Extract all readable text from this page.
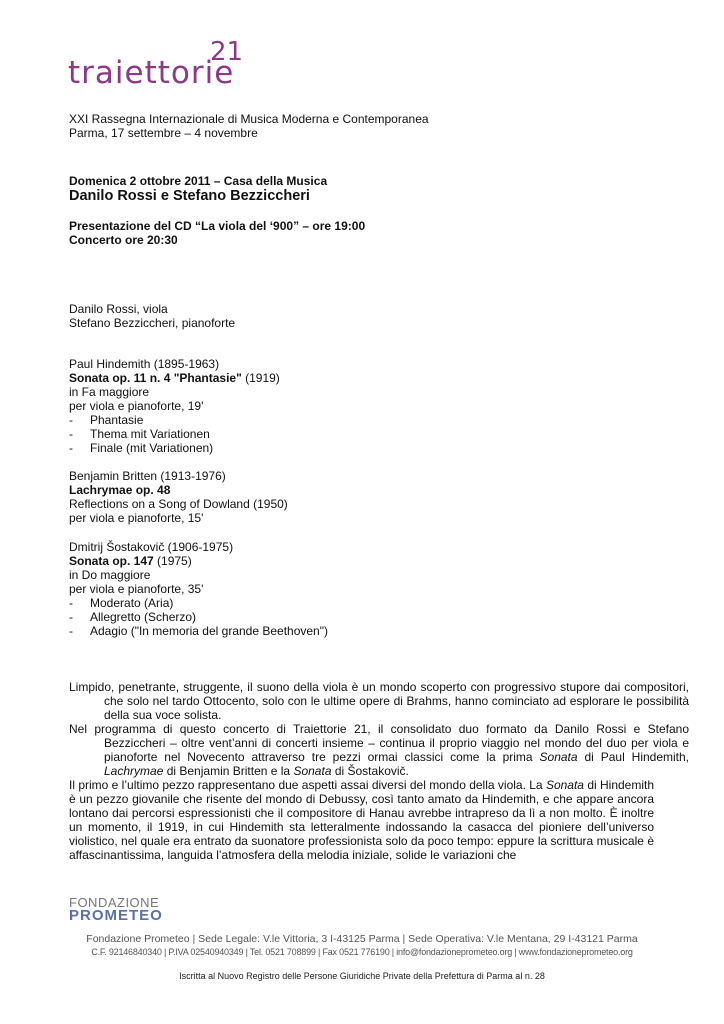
traiettorie
21
XXI Rassegna Internazionale di Musica Moderna e Contemporanea
Parma, 17 settembre – 4 novembre
Domenica 2 ottobre 2011 – Casa della Musica
Danilo Rossi e Stefano Bezziccheri
Presentazione del CD “La viola del ‘900” – ore 19:00
Concerto ore 20:30
Danilo Rossi, viola
Stefano Bezziccheri, pianoforte
Paul Hindemith (1895-1963)
Sonata op. 11 n. 4 "Phantasie" (1919)
in Fa maggiore
per viola e pianoforte, 19'
- Phantasie
- Thema mit Variationen
- Finale (mit Variationen)
Benjamin Britten (1913-1976)
Lachrymae op. 48
Reflections on a Song of Dowland (1950)
per viola e pianoforte, 15'
Dmitrij Šostakovič (1906-1975)
Sonata op. 147 (1975)
in Do maggiore
per viola e pianoforte, 35'
- Moderato (Aria)
- Allegretto (Scherzo)
- Adagio ("In memoria del grande Beethoven")
Limpido, penetrante, struggente, il suono della viola è un mondo scoperto con progressivo stupore dai compositori, che solo nel tardo Ottocento, solo con le ultime opere di Brahms, hanno cominciato ad esplorare le possibilità della sua voce solista.
Nel programma di questo concerto di Traiettorie 21, il consolidato duo formato da Danilo Rossi e Stefano Bezziccheri – oltre vent’anni di concerti insieme – continua il proprio viaggio nel mondo del duo per viola e pianoforte nel Novecento attraverso tre pezzi ormai classici come la prima Sonata di Paul Hindemith, Lachrymae di Benjamin Britten e la Sonata di Šostakovič.
Il primo e l’ultimo pezzo rappresentano due aspetti assai diversi del mondo della viola. La Sonata di Hindemith è un pezzo giovanile che risente del mondo di Debussy, così tanto amato da Hindemith, e che appare ancora lontano dai percorsi espressionisti che il compositore di Hanau avrebbe intrapreso da lì a non molto. È inoltre un momento, il 1919, in cui Hindemith sta letteralmente indossando la casacca del pioniere dell’universo violistico, nel quale era entrato da suonatore professionista solo da poco tempo: eppure la scrittura musicale è affascinantissima, languida l’atmosfera della melodia iniziale, solide le variazioni che
FONDAZIONE
PROMETEO
Fondazione Prometeo | Sede Legale: V.le Vittoria, 3 I-43125 Parma | Sede Operativa: V.le Mentana, 29 I-43121 Parma
C.F. 92146840340 | P.IVA 02540940349 | Tel. 0521 708899 | Fax 0521 776190 | info@fondazioneprometeo.org | www.fondazioneprometeo.org
Iscritta al Nuovo Registro delle Persone Giuridiche Private della Prefettura di Parma al n. 28
